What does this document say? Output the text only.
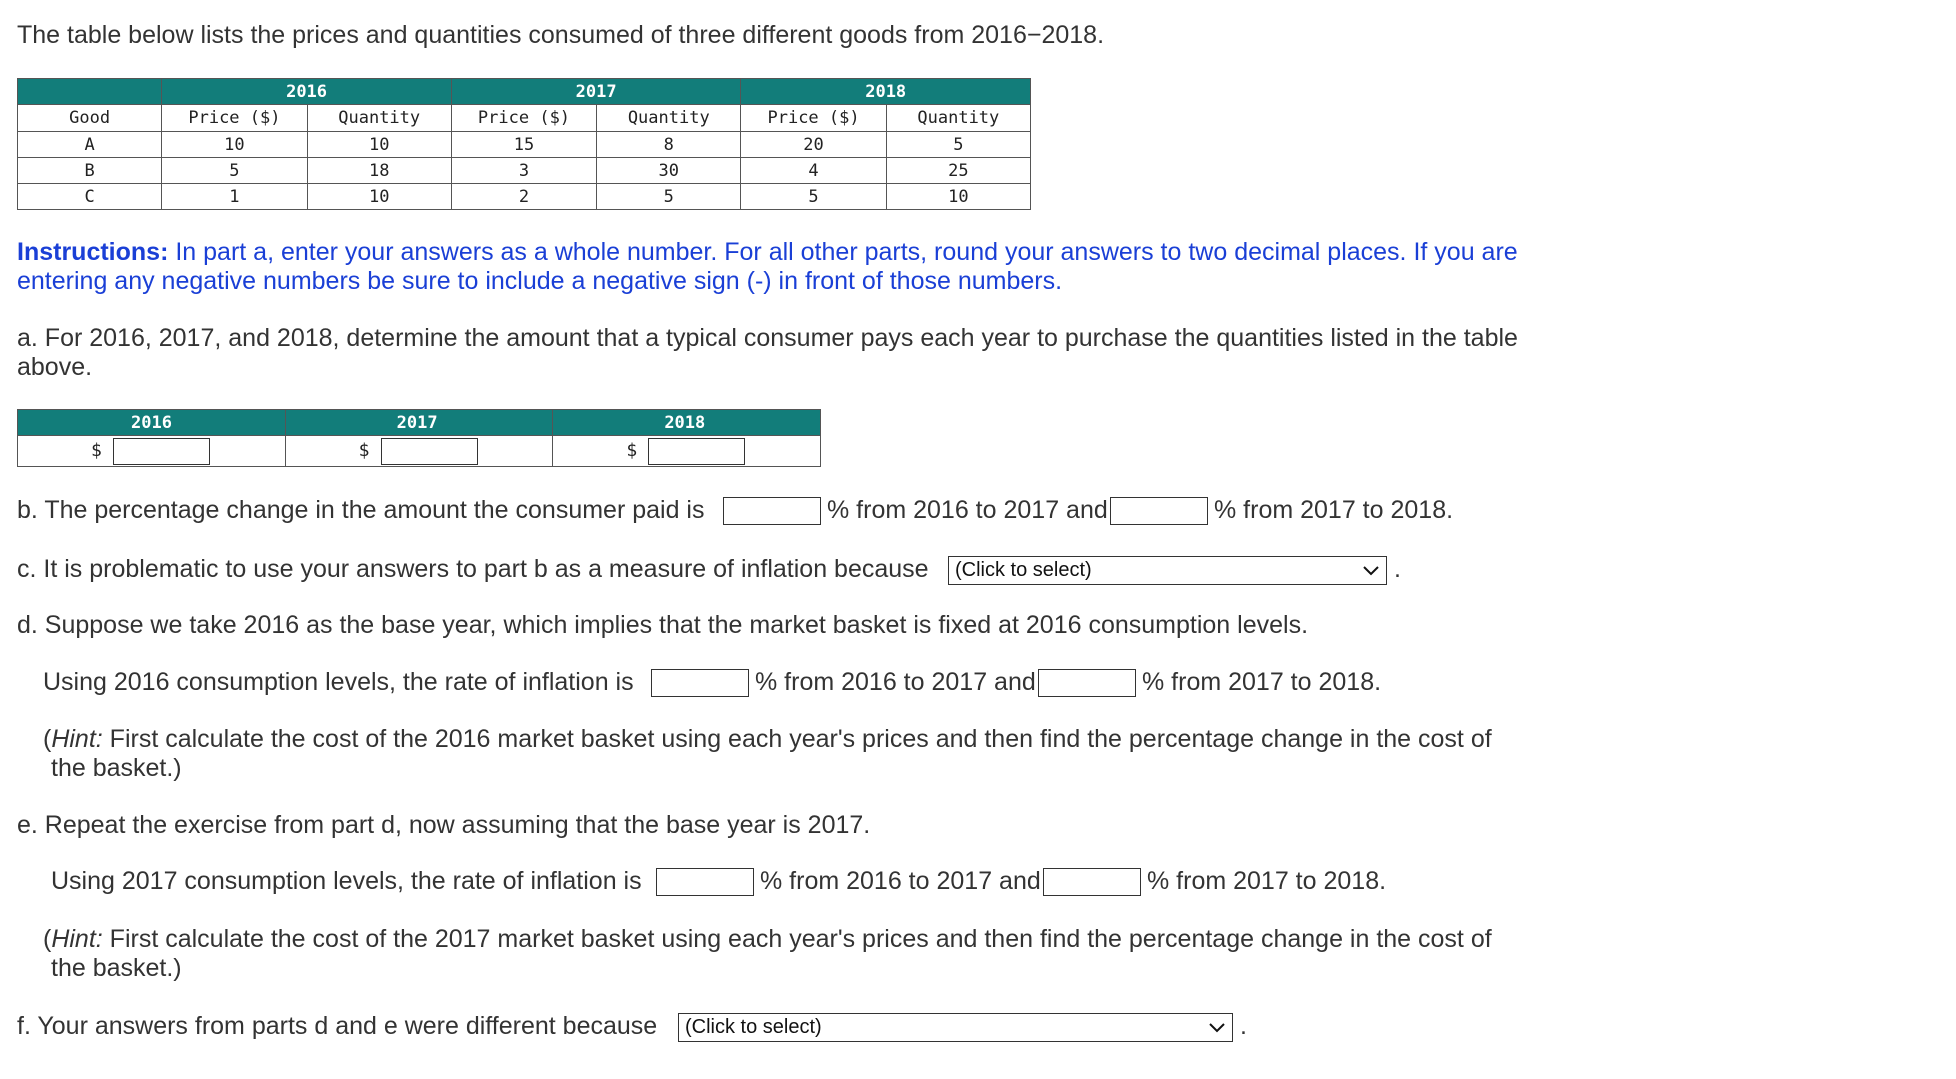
The table below lists the prices and quantities consumed of three different goods from 2016−2018.
	2016		2017		2018	
Good	Price ($)	Quantity	Price ($)	Quantity	Price ($)	Quantity
A	10	10	15	8	20	5
B	5	18	3	30	4	25
C	1	10	2	5	5	10
Instructions: In part a, enter your answers as a whole number. For all other parts, round your answers to two decimal places. If you are
entering any negative numbers be sure to include a negative sign (-) in front of those numbers.
a. For 2016, 2017, and 2018, determine the amount that a typical consumer pays each year to purchase the quantities listed in the table
above.
2016	2017	2018

$	$	$
b. The percentage change in the amount the consumer paid is	% from 2016 to 2017 and	% from 2017 to 2018.
c. It is problematic to use your answers to part b as a measure of inflation because	(Click to select)	.
d. Suppose we take 2016 as the base year, which implies that the market basket is fixed at 2016 consumption levels.
Using 2016 consumption levels, the rate of inflation is	% from 2016 to 2017 and	% from 2017 to 2018.
(Hint: First calculate the cost of the 2016 market basket using each year's prices and then find the percentage change in the cost of
the basket.)
e. Repeat the exercise from part d, now assuming that the base year is 2017.
Using 2017 consumption levels, the rate of inflation is	% from 2016 to 2017 and	% from 2017 to 2018.
(Hint: First calculate the cost of the 2017 market basket using each year's prices and then find the percentage change in the cost of
the basket.)
f. Your answers from parts d and e were different because	(Click to select)	.
